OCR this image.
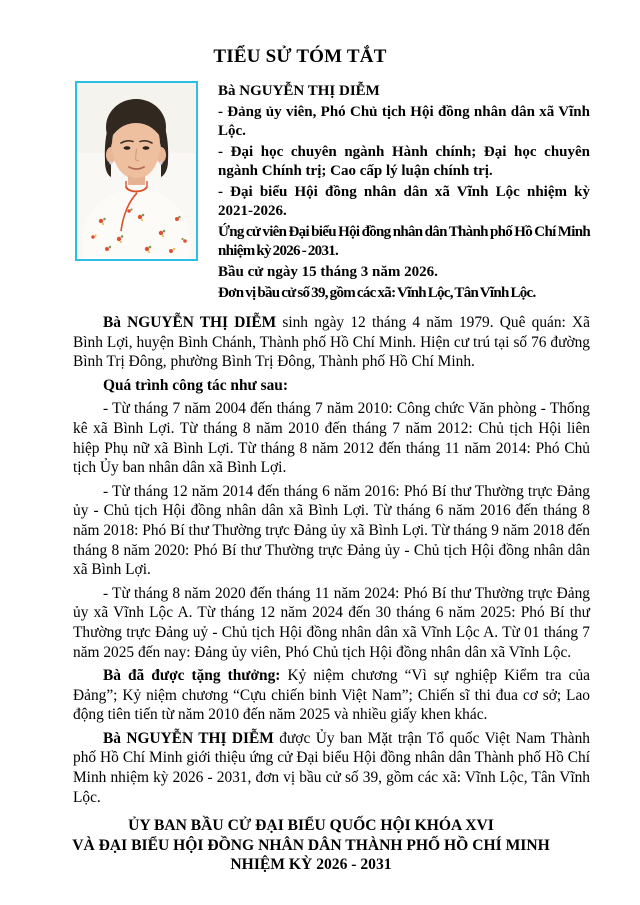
TIỂU SỬ TÓM TẮT

Bà NGUYỄN THỊ DIỄM

- Đảng ủy viên, Phó Chủ tịch Hội đồng nhân dân xã Vĩnh Lộc.

- Đại học chuyên ngành Hành chính; Đại học chuyên ngành Chính trị; Cao cấp lý luận chính trị.

- Đại biểu Hội đồng nhân dân xã Vĩnh Lộc nhiệm kỳ 2021-2026.

Ứng cử viên Đại biểu Hội đồng nhân dân Thành phố Hồ Chí Minh nhiệm kỳ 2026 - 2031.

Bầu cử ngày 15 tháng 3 năm 2026.

Đơn vị bầu cử số 39, gồm các xã: Vĩnh Lộc, Tân Vĩnh Lộc.

Bà NGUYỄN THỊ DIỄM sinh ngày 12 tháng 4 năm 1979. Quê quán: Xã Bình Lợi, huyện Bình Chánh, Thành phố Hồ Chí Minh. Hiện cư trú tại số 76 đường Bình Trị Đông, phường Bình Trị Đông, Thành phố Hồ Chí Minh.

Quá trình công tác như sau:

- Từ tháng 7 năm 2004 đến tháng 7 năm 2010: Công chức Văn phòng - Thống kê xã Bình Lợi. Từ tháng 8 năm 2010 đến tháng 7 năm 2012: Chủ tịch Hội liên hiệp Phụ nữ xã Bình Lợi. Từ tháng 8 năm 2012 đến tháng 11 năm 2014: Phó Chủ tịch Ủy ban nhân dân xã Bình Lợi.

- Từ tháng 12 năm 2014 đến tháng 6 năm 2016: Phó Bí thư Thường trực Đảng ủy - Chủ tịch Hội đồng nhân dân xã Bình Lợi. Từ tháng 6 năm 2016 đến tháng 8 năm 2018: Phó Bí thư Thường trực Đảng ủy xã Bình Lợi. Từ tháng 9 năm 2018 đến tháng 8 năm 2020: Phó Bí thư Thường trực Đảng ủy - Chủ tịch Hội đồng nhân dân xã Bình Lợi.

- Từ tháng 8 năm 2020 đến tháng 11 năm 2024: Phó Bí thư Thường trực Đảng ủy xã Vĩnh Lộc A. Từ tháng 12 năm 2024 đến 30 tháng 6 năm 2025: Phó Bí thư Thường trực Đảng uỷ - Chủ tịch Hội đồng nhân dân xã Vĩnh Lộc A. Từ 01 tháng 7 năm 2025 đến nay: Đảng ủy viên, Phó Chủ tịch Hội đồng nhân dân xã Vĩnh Lộc.

Bà đã được tặng thưởng: Kỷ niệm chương “Vì sự nghiệp Kiểm tra của Đảng”; Kỷ niệm chương “Cựu chiến binh Việt Nam”; Chiến sĩ thi đua cơ sở; Lao động tiên tiến từ năm 2010 đến năm 2025 và nhiều giấy khen khác.

Bà NGUYỄN THỊ DIỄM được Ủy ban Mặt trận Tổ quốc Việt Nam Thành phố Hồ Chí Minh giới thiệu ứng cử Đại biểu Hội đồng nhân dân Thành phố Hồ Chí Minh nhiệm kỳ 2026 - 2031, đơn vị bầu cử số 39, gồm các xã: Vĩnh Lộc, Tân Vĩnh Lộc.

ỦY BAN BẦU CỬ ĐẠI BIỂU QUỐC HỘI KHÓA XVI

VÀ ĐẠI BIỂU HỘI ĐỒNG NHÂN DÂN THÀNH PHỐ HỒ CHÍ MINH

NHIỆM KỲ 2026 - 2031
